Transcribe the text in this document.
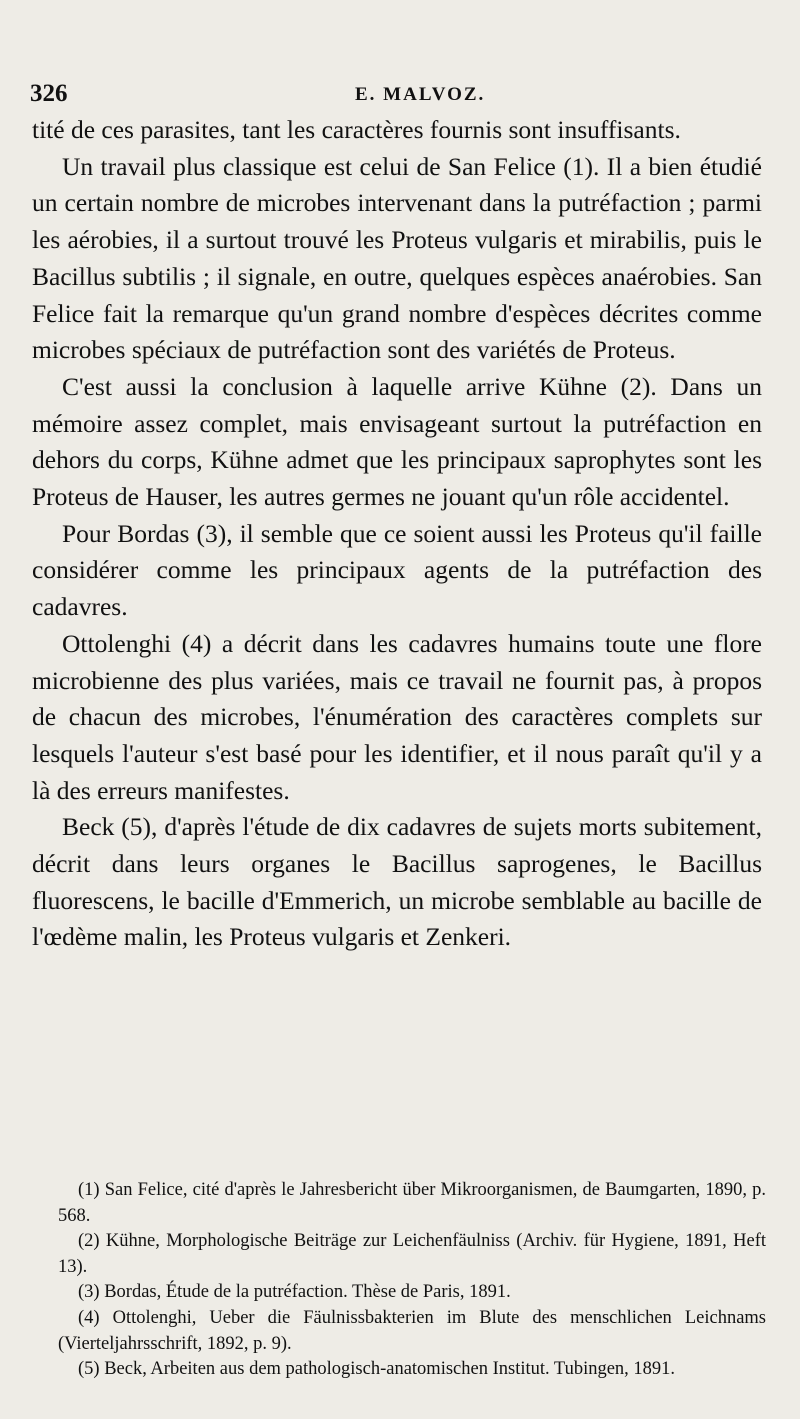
326	E. MALVOZ.

tité de ces parasites, tant les caractères fournis sont insuffisants.

Un travail plus classique est celui de San Felice (1). Il a bien étudié un certain nombre de microbes intervenant dans la putréfaction ; parmi les aérobies, il a surtout trouvé les Proteus vulgaris et mirabilis, puis le Bacillus subtilis ; il signale, en outre, quelques espèces anaérobies. San Felice fait la remarque qu'un grand nombre d'espèces décrites comme microbes spéciaux de putréfaction sont des variétés de Proteus.

C'est aussi la conclusion à laquelle arrive Kühne (2). Dans un mémoire assez complet, mais envisageant surtout la putréfaction en dehors du corps, Kühne admet que les principaux saprophytes sont les Proteus de Hauser, les autres germes ne jouant qu'un rôle accidentel.

Pour Bordas (3), il semble que ce soient aussi les Proteus qu'il faille considérer comme les principaux agents de la putréfaction des cadavres.

Ottolenghi (4) a décrit dans les cadavres humains toute une flore microbienne des plus variées, mais ce travail ne fournit pas, à propos de chacun des microbes, l'énumération des caractères complets sur lesquels l'auteur s'est basé pour les identifier, et il nous paraît qu'il y a là des erreurs manifestes.

Beck (5), d'après l'étude de dix cadavres de sujets morts subitement, décrit dans leurs organes le Bacillus saprogenes, le Bacillus fluorescens, le bacille d'Emmerich, un microbe semblable au bacille de l'œdème malin, les Proteus vulgaris et Zenkeri.

(1) San Felice, cité d'après le Jahresbericht über Mikroorganismen, de Baumgarten, 1890, p. 568.

(2) Kühne, Morphologische Beiträge zur Leichenfäulniss (Archiv. für Hygiene, 1891, Heft 13).

(3) Bordas, Étude de la putréfaction. Thèse de Paris, 1891.

(4) Ottolenghi, Ueber die Fäulnissbakterien im Blute des menschlichen Leichnams (Vierteljahrsschrift, 1892, p. 9).

(5) Beck, Arbeiten aus dem pathologisch-anatomischen Institut. Tubingen, 1891.
